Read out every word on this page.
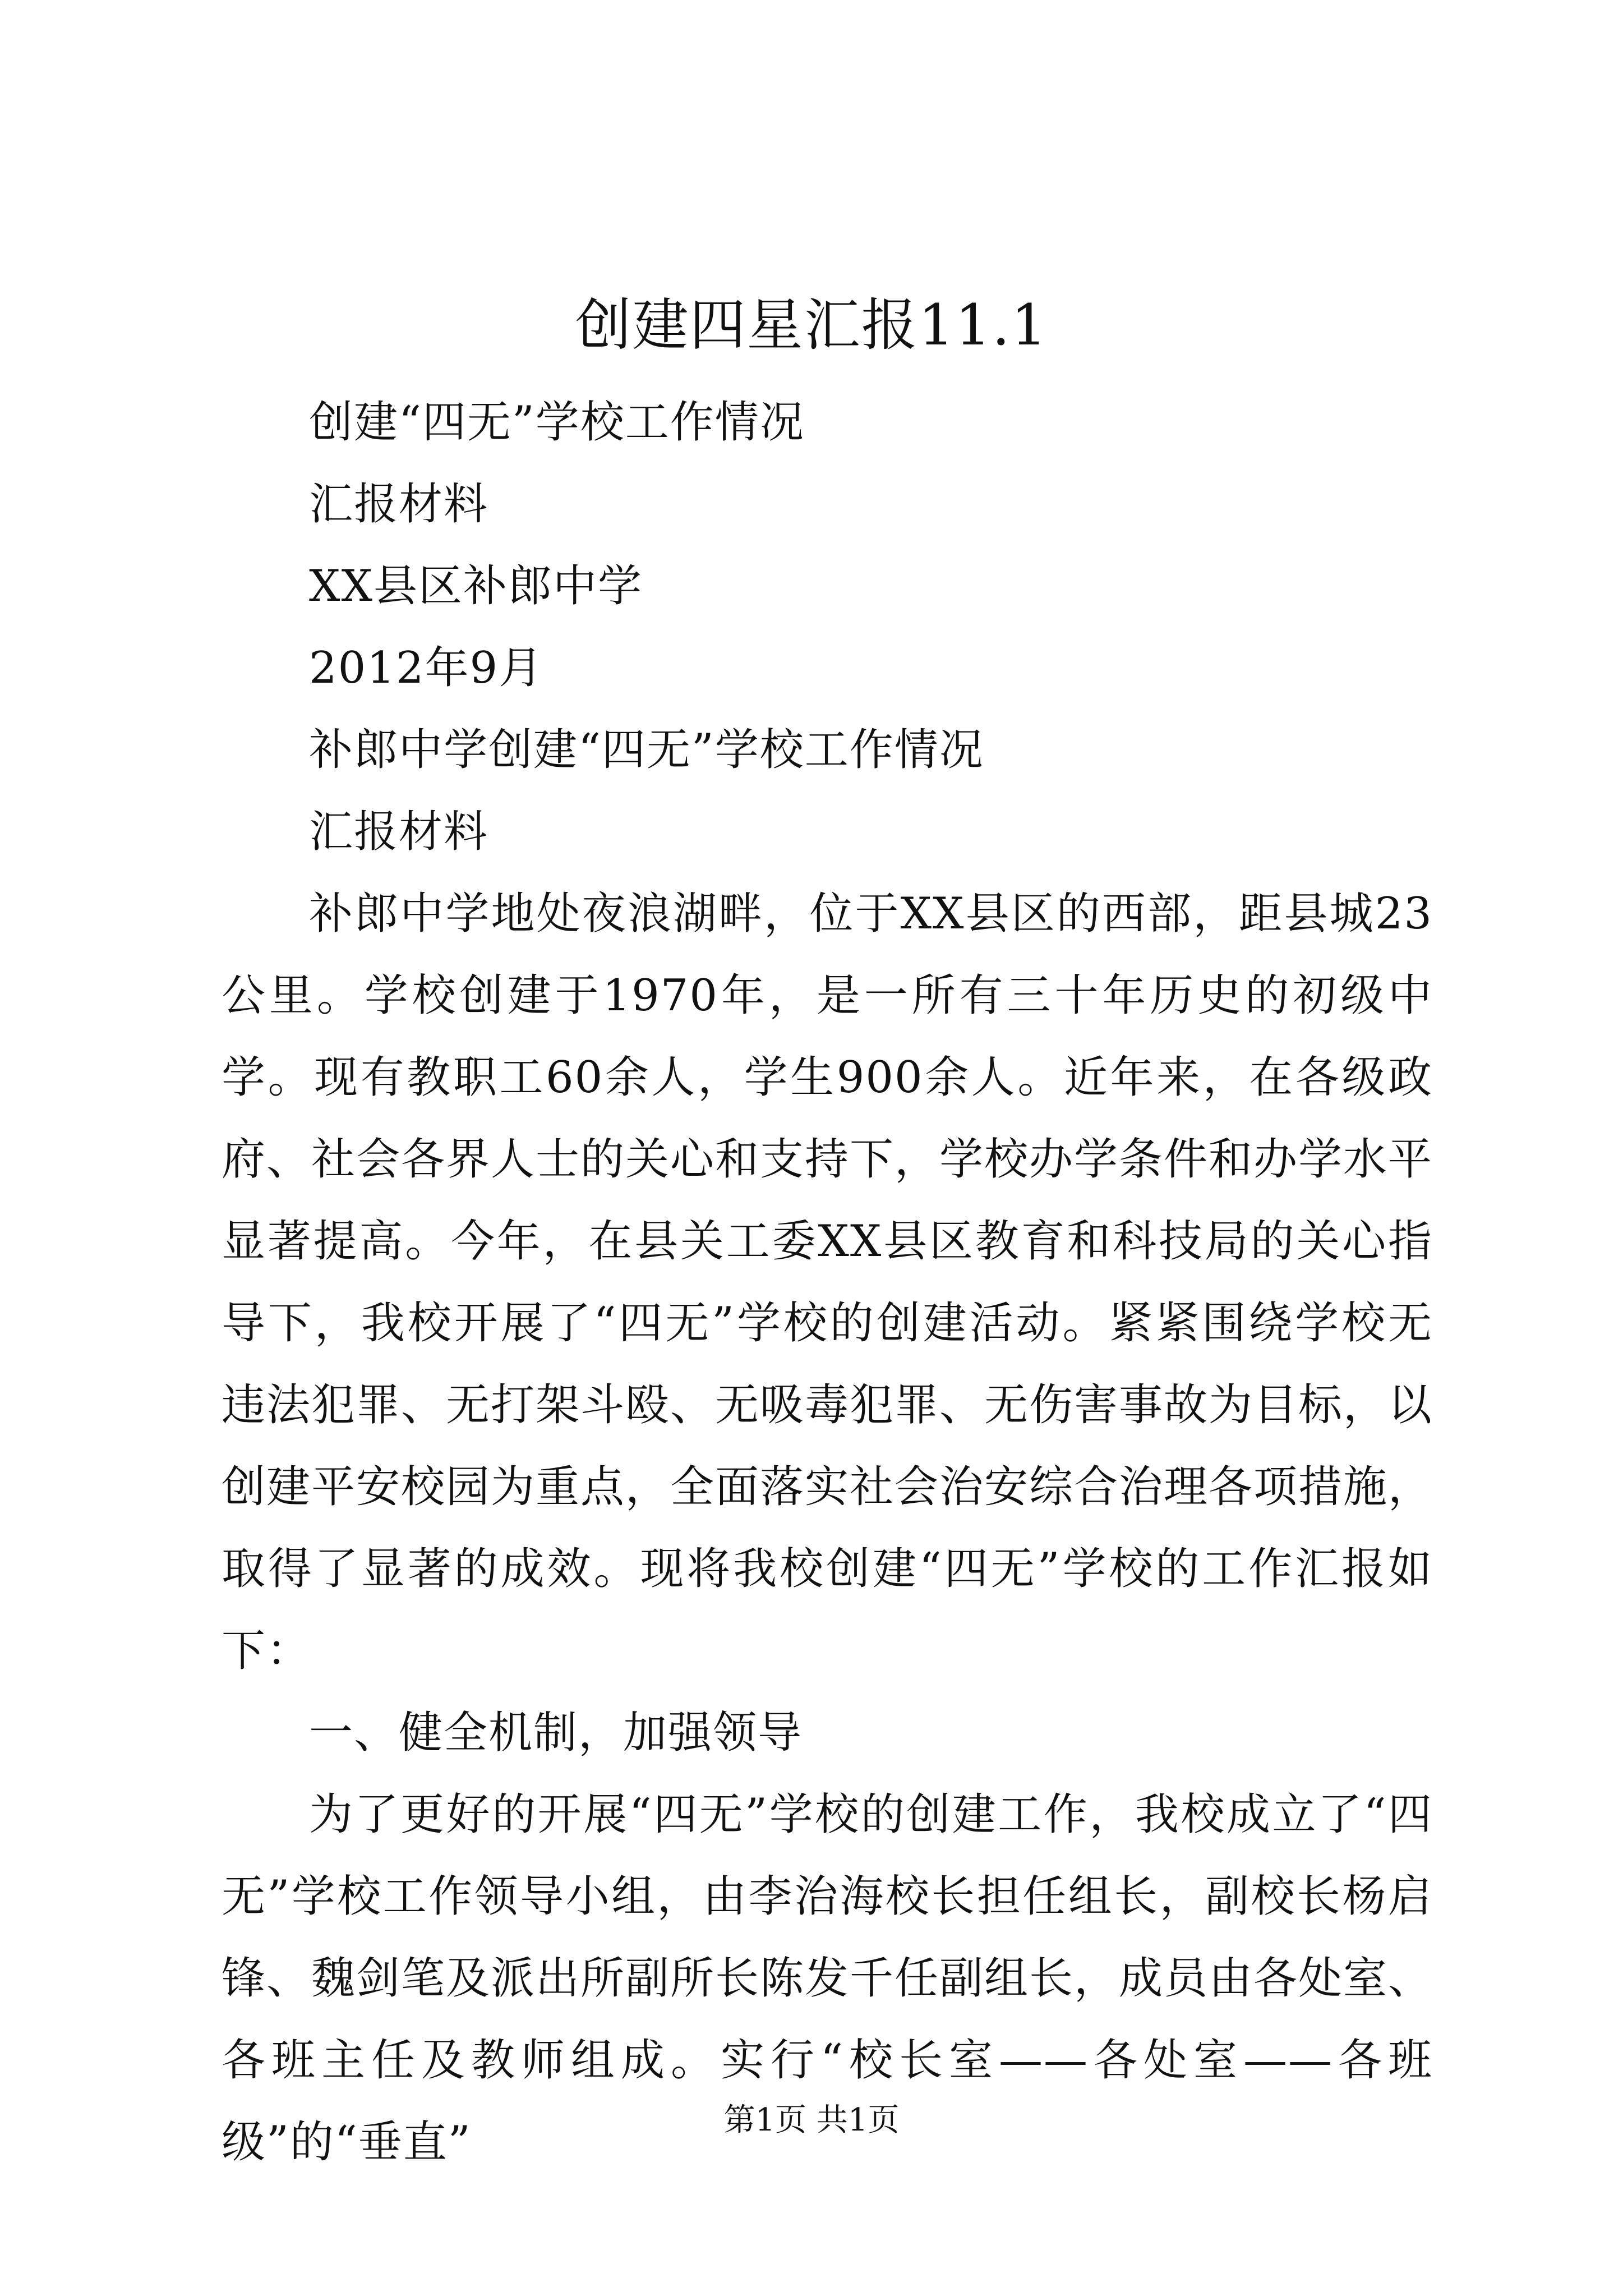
创建四星汇报11.1

创建“四无”学校工作情况

汇报材料

XX县区补郎中学

2012年9月

补郎中学创建“四无”学校工作情况

汇报材料

补郎中学地处夜浪湖畔，位于XX县区的西部，距县城23公里。学校创建于1970年，是一所有三十年历史的初级中学。现有教职工60余人，学生900余人。近年来，在各级政府、社会各界人士的关心和支持下，学校办学条件和办学水平显著提高。今年，在县关工委XX县区教育和科技局的关心指导下，我校开展了“四无”学校的创建活动。紧紧围绕学校无违法犯罪、无打架斗殴、无吸毒犯罪、无伤害事故为目标，以创建平安校园为重点，全面落实社会治安综合治理各项措施，取得了显著的成效。现将我校创建“四无”学校的工作汇报如下：

一、健全机制，加强领导

为了更好的开展“四无”学校的创建工作，我校成立了“四无”学校工作领导小组，由李治海校长担任组长，副校长杨启锋、魏剑笔及派出所副所长陈发千任副组长，成员由各处室、各班主任及教师组成。实行“校长室——各处室——各班级”的“垂直”	第1页 共1页
